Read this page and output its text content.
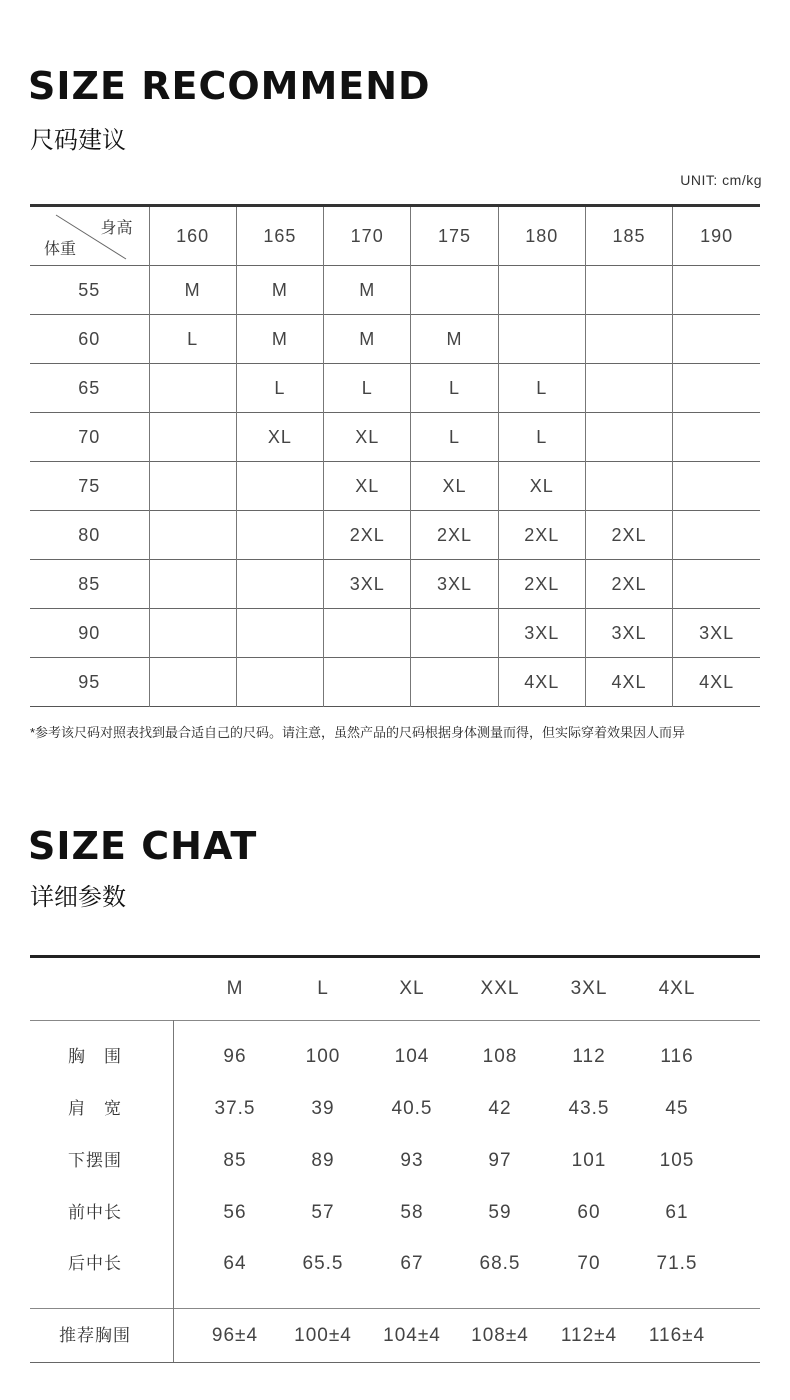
SIZE RECOMMEND
尺码建议
UNIT: cm/kg
身高
体重	160	165	170	175	180	185	190
55	M	M	M				
60	L	M	M	M			
65		L	L	L	L		
70		XL	XL	L	L		
75			XL	XL	XL		
80			2XL	2XL	2XL	2XL	
85			3XL	3XL	2XL	2XL	
90					3XL	3XL	3XL
95					4XL	4XL	4XL
*参考该尺码对照表找到最合适自己的尺码。请注意，虽然产品的尺码根据身体测量而得，但实际穿着效果因人而异
SIZE CHAT
详细参数
M	L	XL	XXL	3XL	4XL
胸　围	96	100	104	108	112	116
肩　宽	37.5	39	40.5	42	43.5	45
下摆围	85	89	93	97	101	105
前中长	56	57	58	59	60	61
后中长	64	65.5	67	68.5	70	71.5
推荐胸围	96±4	100±4	104±4	108±4	112±4	116±4
